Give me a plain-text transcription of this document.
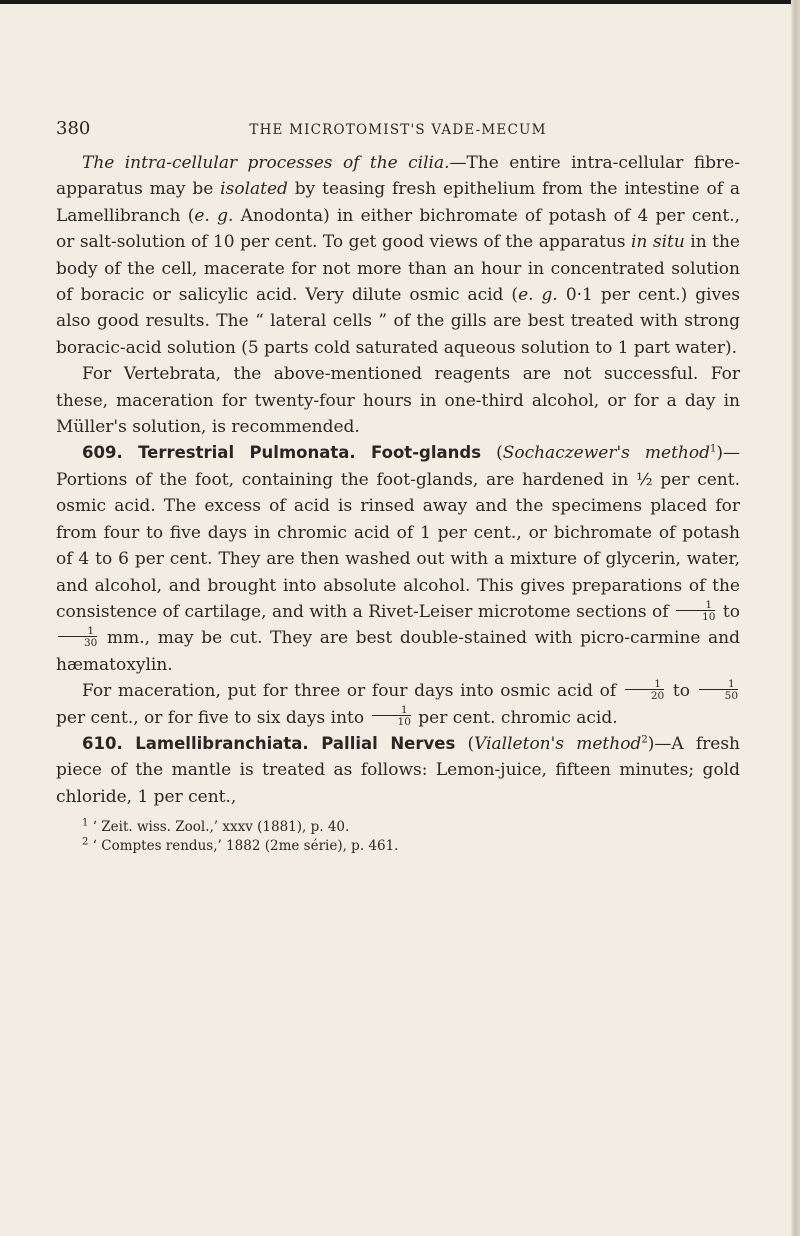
380	THE MICROTOMIST'S VADE-MECUM

The intra-cellular processes of the cilia.—The entire intra-cellular fibre-apparatus may be isolated by teasing fresh epithelium from the intestine of a Lamellibranch (e. g. Anodonta) in either bichromate of potash of 4 per cent., or salt-solution of 10 per cent. To get good views of the apparatus in situ in the body of the cell, macerate for not more than an hour in concentrated solution of boracic or salicylic acid. Very dilute osmic acid (e. g. 0·1 per cent.) gives also good results. The “ lateral cells ” of the gills are best treated with strong boracic-acid solution (5 parts cold saturated aqueous solution to 1 part water).

For Vertebrata, the above-mentioned reagents are not successful. For these, maceration for twenty-four hours in one-third alcohol, or for a day in Müller's solution, is recommended.

609. Terrestrial Pulmonata. Foot-glands (Sochaczewer's method$^1$)—Portions of the foot, containing the foot-glands, are hardened in ½ per cent. osmic acid. The excess of acid is rinsed away and the specimens placed for from four to five days in chromic acid of 1 per cent., or bichromate of potash of 4 to 6 per cent. They are then washed out with a mixture of glycerin, water, and alcohol, and brought into absolute alcohol. This gives preparations of the consistence of cartilage, and with a Rivet-Leiser microtome sections of $\frac{1}{10}$ to
$\frac{1}{30}$ mm., may be cut. They are best double-stained with picro-carmine and hæmatoxylin.

For maceration, put for three or four days into osmic acid of $\frac{1}{20}$ to $\frac{1}{50}$
per cent., or for five to six days into $\frac{1}{10}$ per cent. chromic acid.

610. Lamellibranchiata. Pallial Nerves (Vialleton's method$^2$)—A fresh piece of the mantle is treated as follows: Lemon-juice, fifteen minutes; gold chloride, 1 per cent.,

$^1$ ‘ Zeit. wiss. Zool.,’ xxxv (1881), p. 40.
$^2$ ‘ Comptes rendus,’ 1882 (2me série), p. 461.
